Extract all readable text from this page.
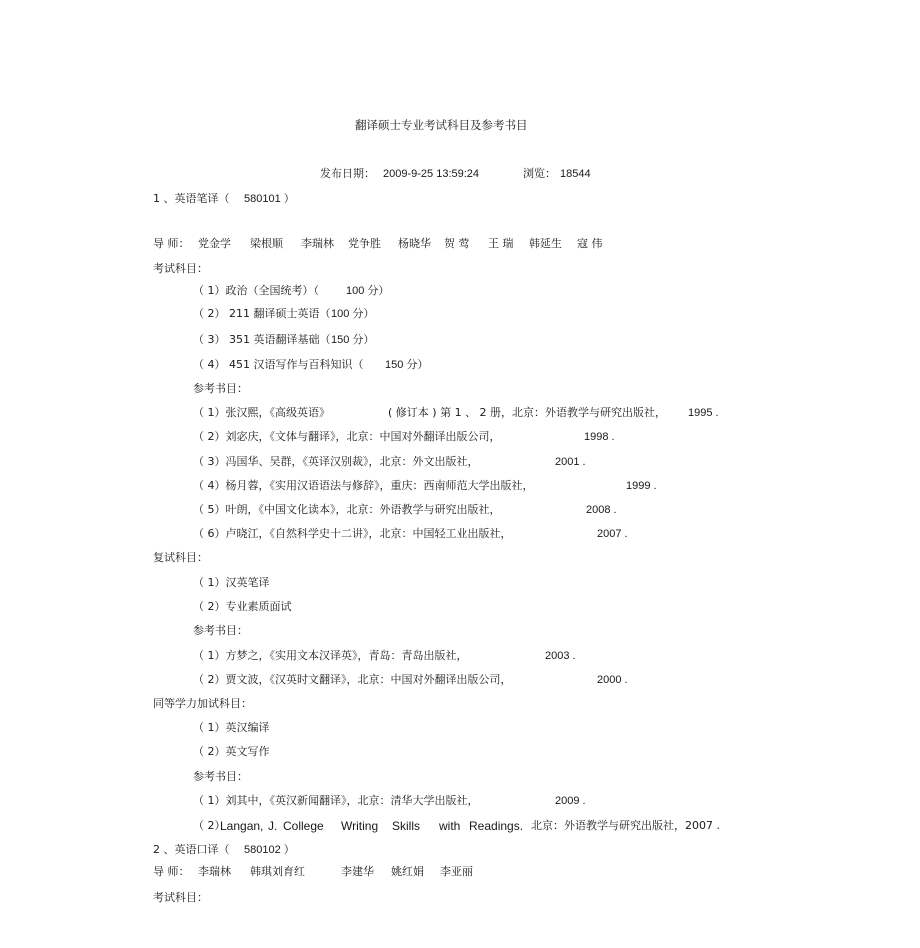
翻译硕士专业考试科目及参考书目
发布日期： 2009-9-25 13:59:24	浏览： 18544
1 、英语笔译（ 580101 ）
导 师： 党金学 梁根顺 李瑞林 党争胜 杨晓华 贺 莺 王 瑞 韩延生 寇 伟
考试科目：
（ 1）政治（全国统考）（ 100 分）
（ 2） 211 翻译硕士英语（ 100 分）
（ 3） 351 英语翻译基础（ 150 分）
（ 4） 451 汉语写作与百科知识（ 150 分）
参考书目：
（ 1）张汉熙，《高级英语》	( 修订本 ) 第 1 、 2 册，北京：外语教学与研究出版社， 1995 .
（ 2）刘宓庆，《文体与翻译》，北京：中国对外翻译出版公司，	1998 .
（ 3）冯国华、吴群，《英译汉别裁》，北京：外文出版社，	2001 .
（ 4）杨月蓉，《实用汉语语法与修辞》，重庆：西南师范大学出版社，	1999 .
（ 5）叶朗，《中国文化读本》，北京：外语教学与研究出版社，	2008 .
（ 6）卢晓江，《自然科学史十二讲》，北京：中国轻工业出版社，	2007 .
复试科目：
（ 1）汉英笔译
（ 2）专业素质面试
参考书目：
（ 1）方梦之，《实用文本汉译英》，青岛：青岛出版社，	2003 .
（ 2）贾文波，《汉英时文翻译》，北京：中国对外翻译出版公司，	2000 .
同等学力加试科目：
（ 1）英汉编译
（ 2）英文写作
参考书目：
（ 1）刘其中，《英汉新闻翻译》，北京：清华大学出版社，	2009 .
（ 2）
Langan, J. College Writing Skills with Readings. 北京：外语教学与研究出版社，2007 .
2 、英语口译（ 580102 ）
导 师： 李瑞林 韩琪刘育红	李建华 姚红娟 李亚丽
考试科目：
